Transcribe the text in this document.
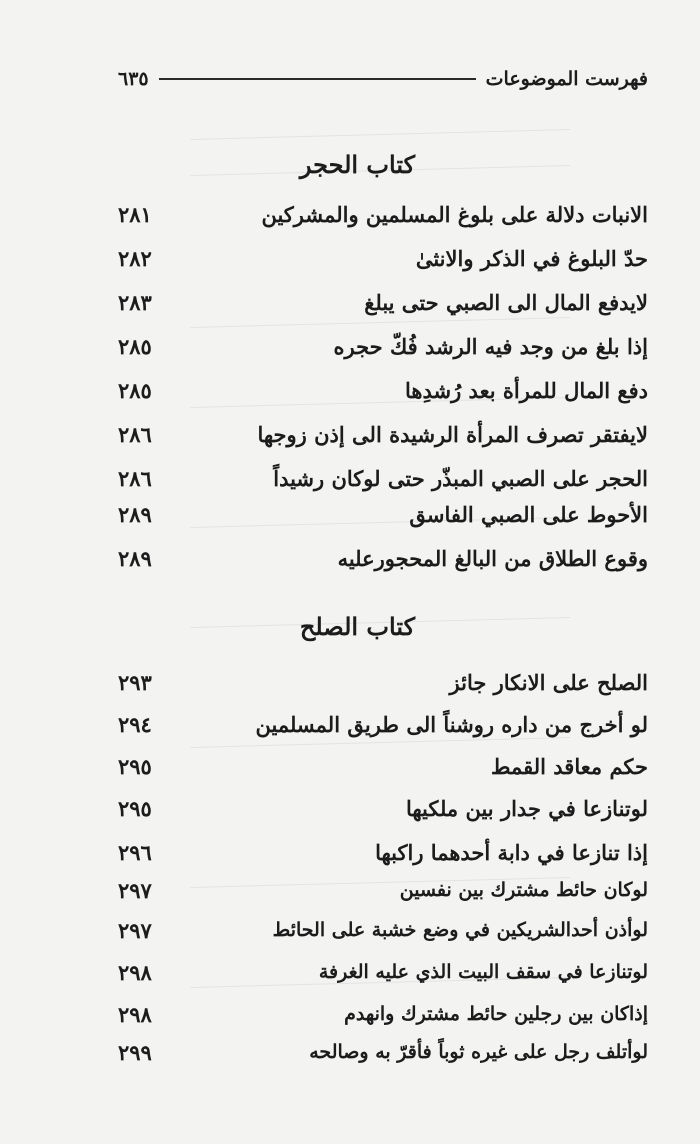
فهرست الموضوعات
٦٣٥
كتاب الحجر
الانبات دلالة على بلوغ المسلمين والمشركين
٢٨١
حدّ البلوغ في الذكر والانثىٰ
٢٨٢
لايدفع المال الى الصبي حتى يبلغ
٢٨٣
إذا بلغ من وجد فيه الرشد فُكّ حجره
٢٨٥
دفع المال للمرأة بعد رُشدِها
٢٨٥
لايفتقر تصرف المرأة الرشيدة الى إذن زوجها
٢٨٦
الحجر على الصبي المبذّر حتى لوكان رشيداً
٢٨٦
الأحوط على الصبي الفاسق
٢٨٩
وقوع الطلاق من البالغ المحجورعليه
٢٨٩
كتاب الصلح
الصلح على الانكار جائز
٢٩٣
لو أخرج من داره روشناً الى طريق المسلمين
٢٩٤
حكم معاقد القمط
٢٩٥
لوتنازعا في جدار بين ملكيها
٢٩٥
إذا تنازعا في دابة أحدهما راكبها
٢٩٦
لوكان حائط مشترك بين نفسين
٢٩٧
لوأذن أحدالشريكين في وضع خشبة على الحائط
٢٩٧
لوتنازعا في سقف البيت الذي عليه الغرفة
٢٩٨
إذاكان بين رجلين حائط مشترك وانهدم
٢٩٨
لوأتلف رجل على غيره ثوباً فأقرّ به وصالحه
٢٩٩
